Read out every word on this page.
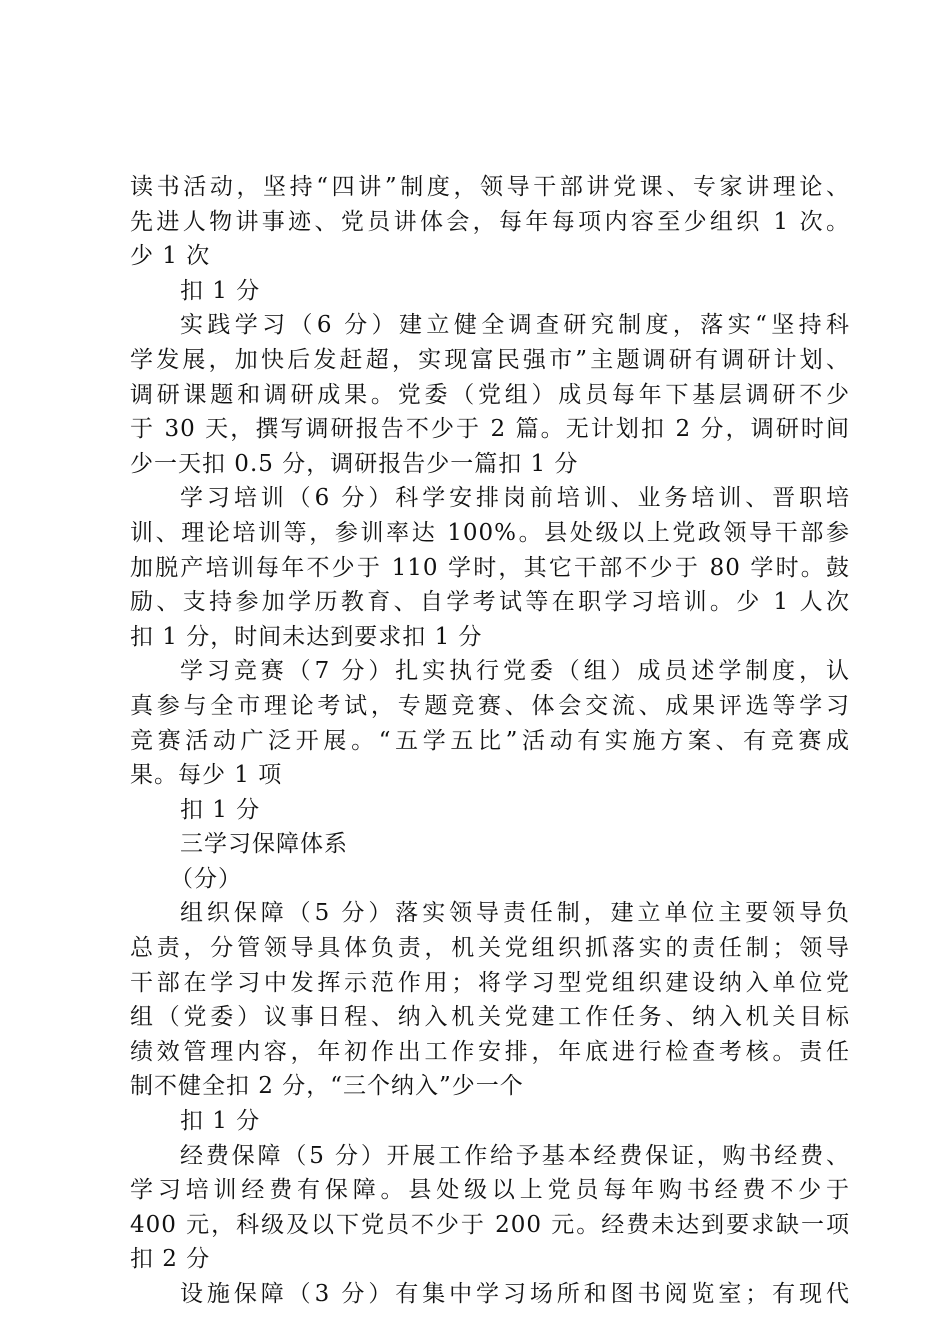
读书活动，坚持“四讲”制度，领导干部讲党课、专家讲理论、
先进人物讲事迹、党员讲体会，每年每项内容至少组织 1 次。
少 1 次
扣 1 分
实践学习（6 分）建立健全调查研究制度，落实“坚持科
学发展，加快后发赶超，实现富民强市”主题调研有调研计划、
调研课题和调研成果。党委（党组）成员每年下基层调研不少
于 30 天，撰写调研报告不少于 2 篇。无计划扣 2 分，调研时间
少一天扣 0.5 分，调研报告少一篇扣 1 分
学习培训（6 分）科学安排岗前培训、业务培训、晋职培
训、理论培训等，参训率达 100%。县处级以上党政领导干部参
加脱产培训每年不少于 110 学时，其它干部不少于 80 学时。鼓
励、支持参加学历教育、自学考试等在职学习培训。少 1 人次
扣 1 分，时间未达到要求扣 1 分
学习竞赛（7 分）扎实执行党委（组）成员述学制度，认
真参与全市理论考试，专题竞赛、体会交流、成果评选等学习
竞赛活动广泛开展。“五学五比”活动有实施方案、有竞赛成
果。每少 1 项
扣 1 分
三学习保障体系
（分）
组织保障（5 分）落实领导责任制，建立单位主要领导负
总责，分管领导具体负责，机关党组织抓落实的责任制；领导
干部在学习中发挥示范作用；将学习型党组织建设纳入单位党
组（党委）议事日程、纳入机关党建工作任务、纳入机关目标
绩效管理内容，年初作出工作安排，年底进行检查考核。责任
制不健全扣 2 分，“三个纳入”少一个
扣 1 分
经费保障（5 分）开展工作给予基本经费保证，购书经费、
学习培训经费有保障。县处级以上党员每年购书经费不少于
400 元，科级及以下党员不少于 200 元。经费未达到要求缺一项
扣 2 分
设施保障（3 分）有集中学习场所和图书阅览室；有现代
